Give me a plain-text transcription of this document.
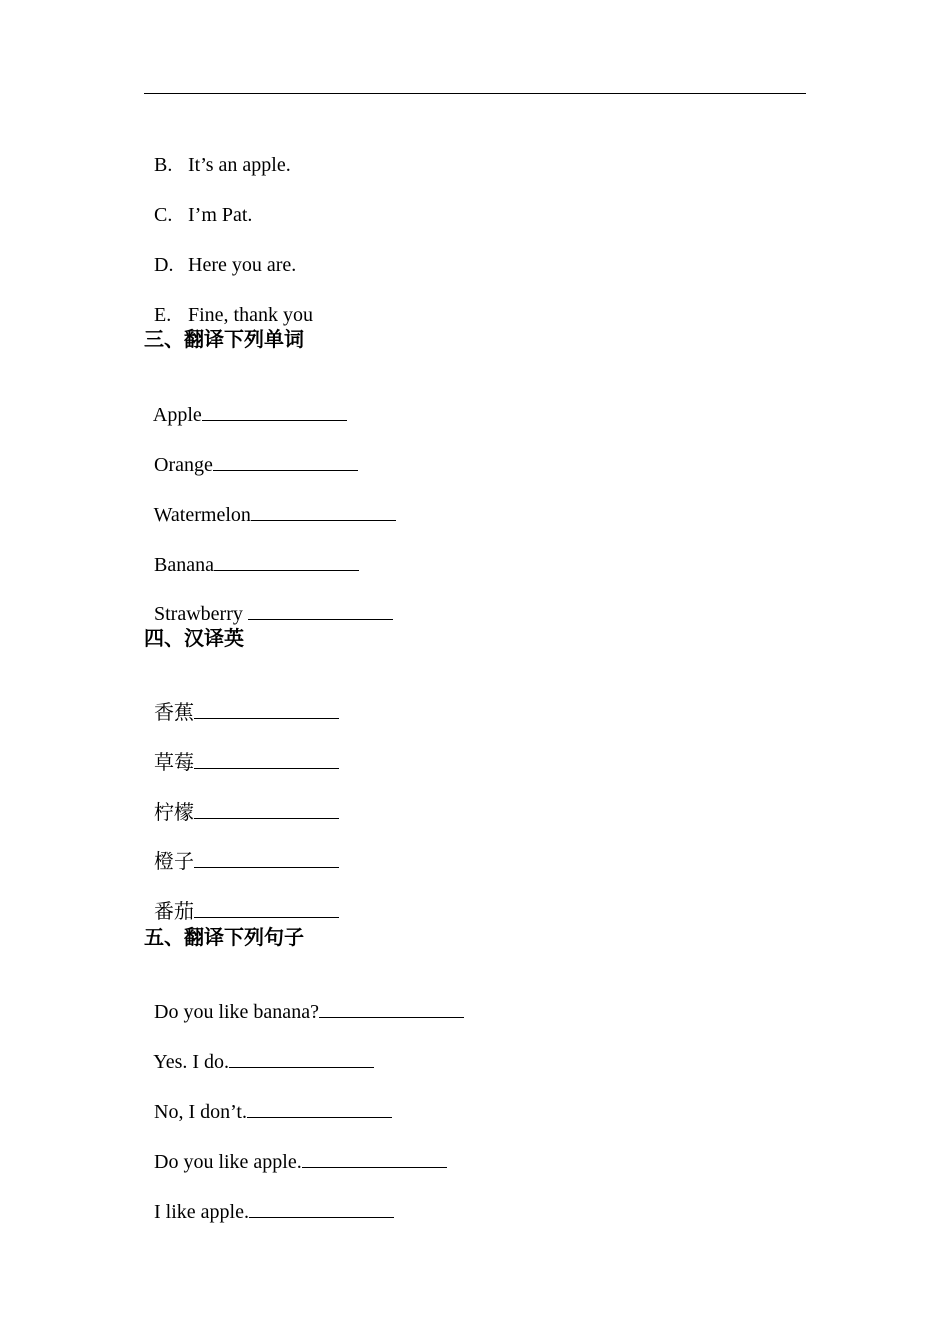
B. It’s an apple.

C. I’m Pat.

D. Here you are.

E. Fine, thank you

三、翻译下列单词

Apple

Orange

Watermelon

Banana

Strawberry

四、汉译英

香蕉

草莓

柠檬

橙子

番茄

五、翻译下列句子

Do you like banana?

Yes. I do.

No, I don’t.

Do you like apple.

I like apple.
